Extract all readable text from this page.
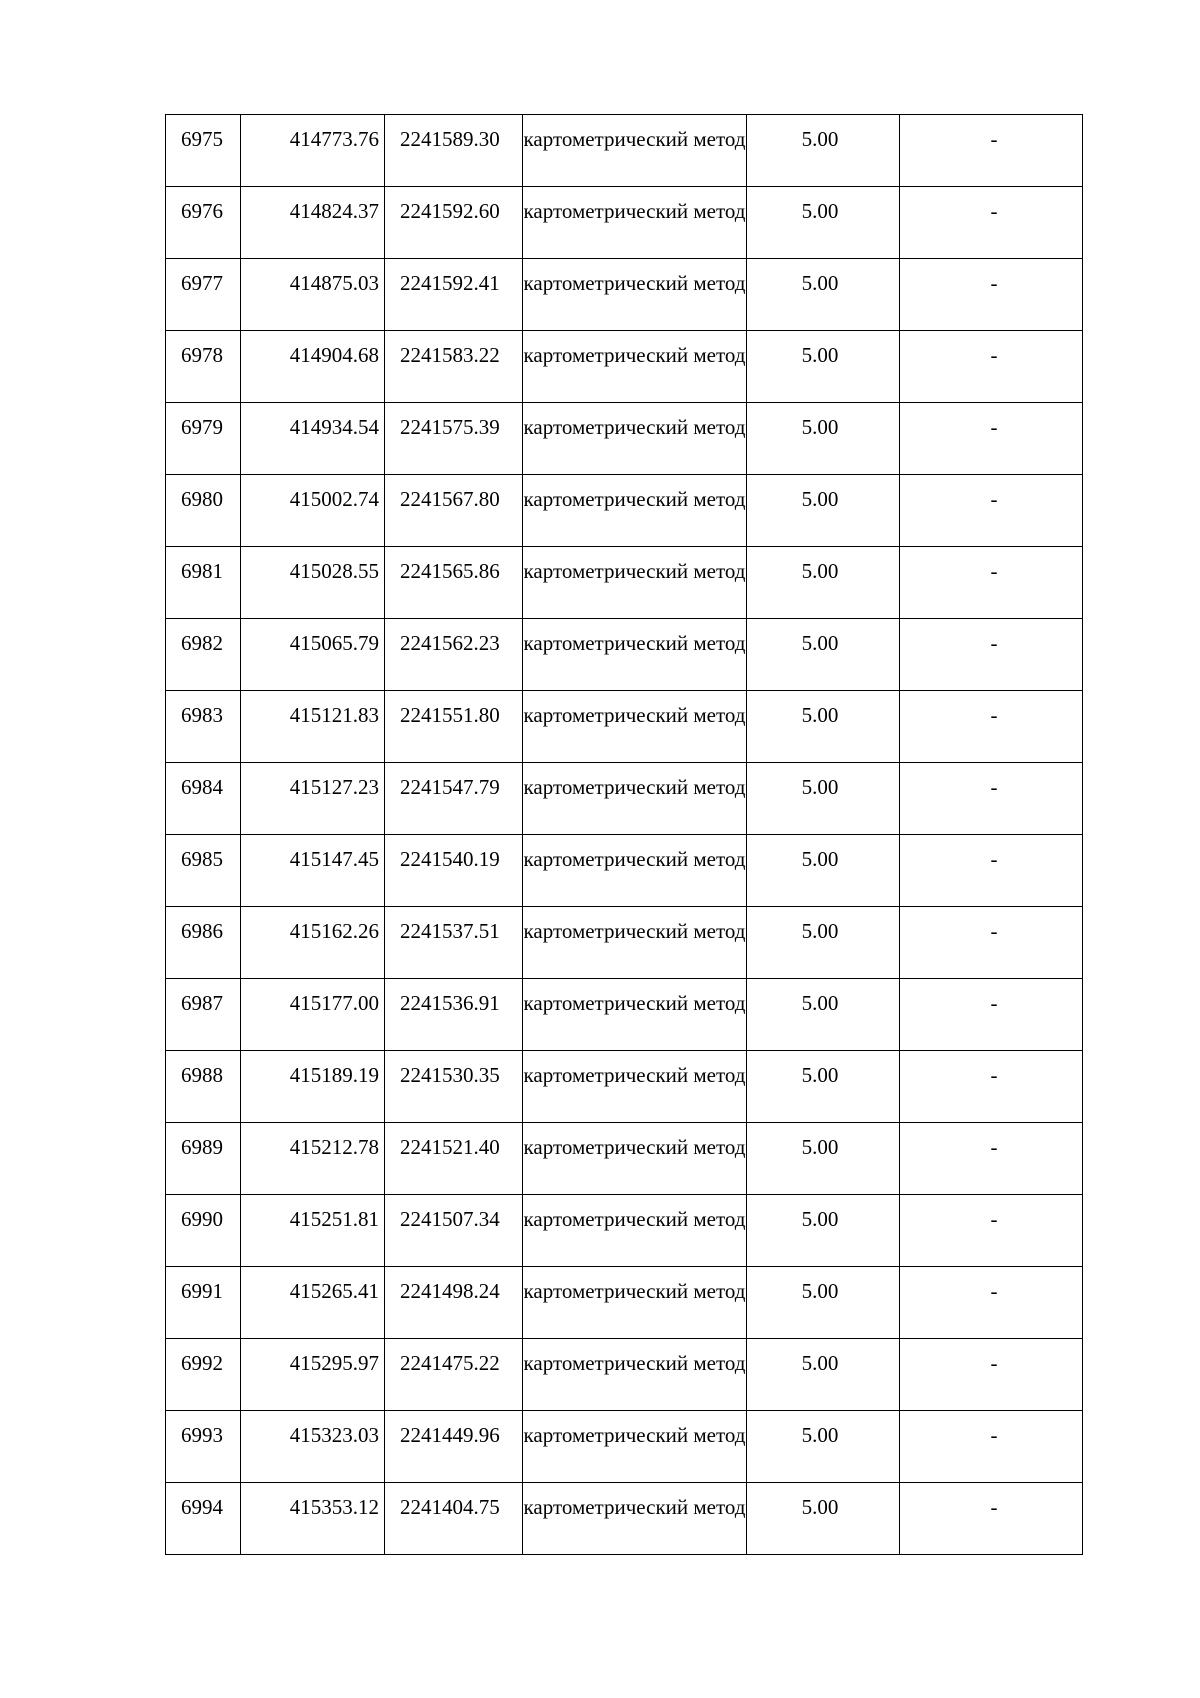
6975	414773.76	2241589.30	картометрический метод	5.00	-

6976	414824.37	2241592.60	картометрический метод	5.00	-

6977	414875.03	2241592.41	картометрический метод	5.00	-

6978	414904.68	2241583.22	картометрический метод	5.00	-

6979	414934.54	2241575.39	картометрический метод	5.00	-

6980	415002.74	2241567.80	картометрический метод	5.00	-

6981	415028.55	2241565.86	картометрический метод	5.00	-

6982	415065.79	2241562.23	картометрический метод	5.00	-

6983	415121.83	2241551.80	картометрический метод	5.00	-

6984	415127.23	2241547.79	картометрический метод	5.00	-

6985	415147.45	2241540.19	картометрический метод	5.00	-

6986	415162.26	2241537.51	картометрический метод	5.00	-

6987	415177.00	2241536.91	картометрический метод	5.00	-

6988	415189.19	2241530.35	картометрический метод	5.00	-

6989	415212.78	2241521.40	картометрический метод	5.00	-

6990	415251.81	2241507.34	картометрический метод	5.00	-

6991	415265.41	2241498.24	картометрический метод	5.00	-

6992	415295.97	2241475.22	картометрический метод	5.00	-

6993	415323.03	2241449.96	картометрический метод	5.00	-

6994	415353.12	2241404.75	картометрический метод	5.00	-
